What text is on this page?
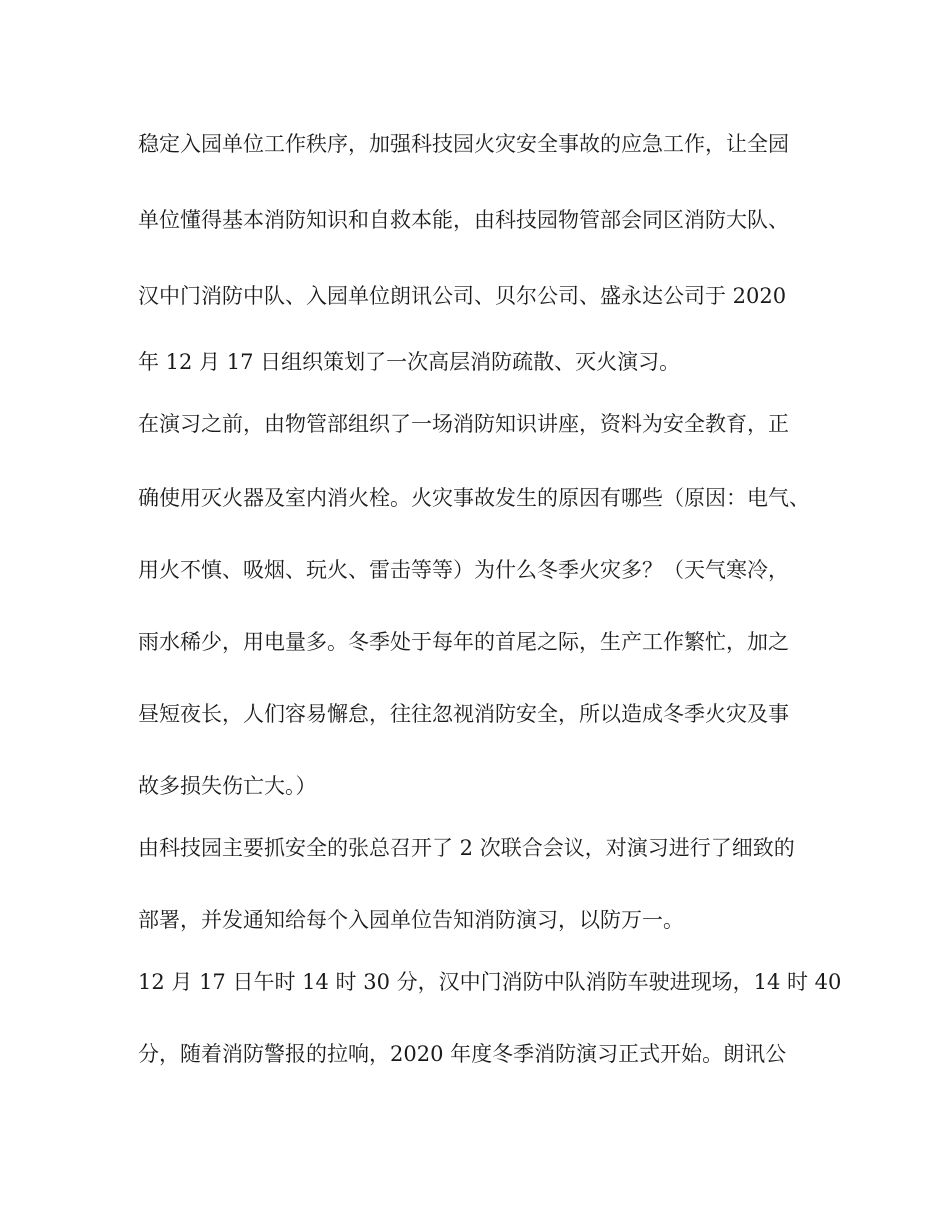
稳定入园单位工作秩序，加强科技园火灾安全事故的应急工作，让全园
单位懂得基本消防知识和自救本能，由科技园物管部会同区消防大队、
汉中门消防中队、入园单位朗讯公司、贝尔公司、盛永达公司于 2020
年 12 月 17 日组织策划了一次高层消防疏散、灭火演习。
在演习之前，由物管部组织了一场消防知识讲座，资料为安全教育，正
确使用灭火器及室内消火栓。火灾事故发生的原因有哪些（原因：电气、
用火不慎、吸烟、玩火、雷击等等）为什么冬季火灾多？（天气寒冷，
雨水稀少，用电量多。冬季处于每年的首尾之际，生产工作繁忙，加之
昼短夜长，人们容易懈怠，往往忽视消防安全，所以造成冬季火灾及事
故多损失伤亡大。）
由科技园主要抓安全的张总召开了 2 次联合会议，对演习进行了细致的
部署，并发通知给每个入园单位告知消防演习，以防万一。
12 月 17 日午时 14 时 30 分，汉中门消防中队消防车驶进现场，14 时 40
分，随着消防警报的拉响，2020 年度冬季消防演习正式开始。朗讯公
